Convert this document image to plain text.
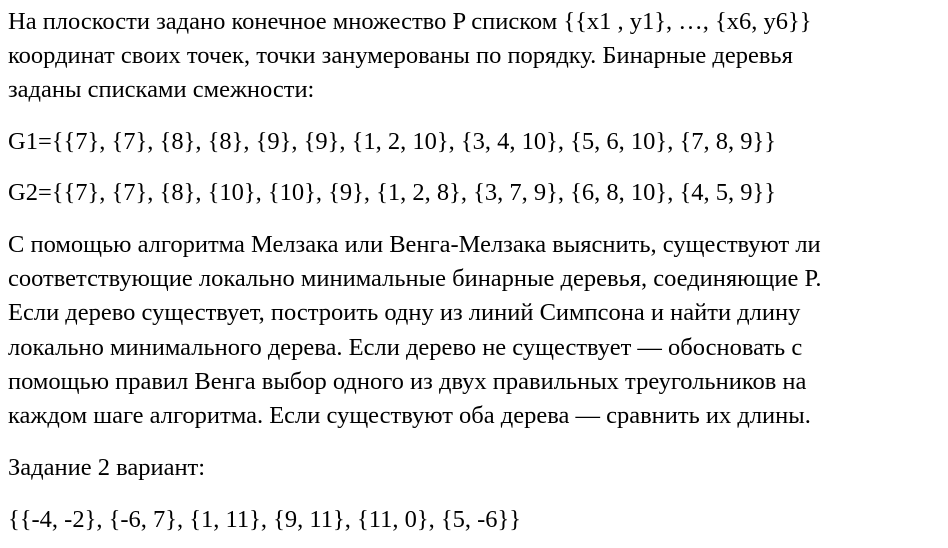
На плоскости задано конечное множество P списком {{x1 , y1}, …, {x6, y6}}
координат своих точек, точки занумерованы по порядку. Бинарные деревья
заданы списками смежности:
G1={{7}, {7}, {8}, {8}, {9}, {9}, {1, 2, 10}, {3, 4, 10}, {5, 6, 10}, {7, 8, 9}}
G2={{7}, {7}, {8}, {10}, {10}, {9}, {1, 2, 8}, {3, 7, 9}, {6, 8, 10}, {4, 5, 9}}
С помощью алгоритма Мелзака или Венга-Мелзака выяснить, существуют ли
соответствующие локально минимальные бинарные деревья, соединяющие P.
Если дерево существует, построить одну из линий Симпсона и найти длину
локально минимального дерева. Если дерево не существует — обосновать с
помощью правил Венга выбор одного из двух правильных треугольников на
каждом шаге алгоритма. Если существуют оба дерева — сравнить их длины.
Задание 2 вариант:
{{-4, -2}, {-6, 7}, {1, 11}, {9, 11}, {11, 0}, {5, -6}}
